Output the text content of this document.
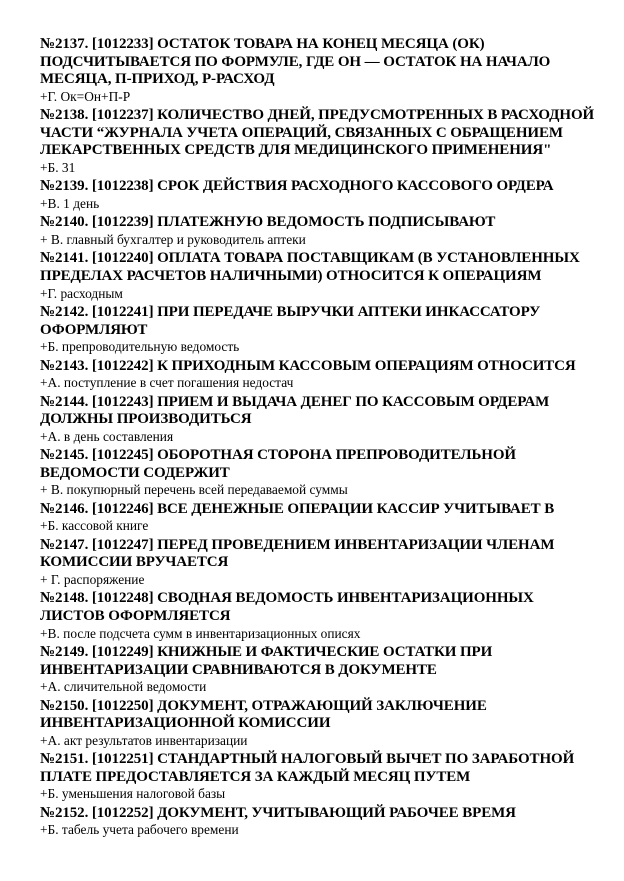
№2137. [1012233] ОСТАТОК ТОВАРА НА КОНЕЦ МЕСЯЦА (ОК) ПОДСЧИТЫВАЕТСЯ ПО ФОРМУЛЕ, ГДЕ ОН — ОСТАТОК НА НАЧАЛО МЕСЯЦА, П-ПРИХОД, Р-РАСХОД

+Г. Ок=Он+П-Р

№2138. [1012237] КОЛИЧЕСТВО ДНЕЙ, ПРЕДУСМОТРЕННЫХ В РАСХОДНОЙ ЧАСТИ “ЖУРНАЛА УЧЕТА ОПЕРАЦИЙ, СВЯЗАННЫХ С ОБРАЩЕНИЕМ ЛЕКАРСТВЕННЫХ СРЕДСТВ ДЛЯ МЕДИЦИНСКОГО ПРИМЕНЕНИЯ"

+Б. 31

№2139. [1012238] СРОК ДЕЙСТВИЯ РАСХОДНОГО КАССОВОГО ОРДЕРА

+В. 1 день

№2140. [1012239] ПЛАТЕЖНУЮ ВЕДОМОСТЬ ПОДПИСЫВАЮТ

+ В. главный бухгалтер и руководитель аптеки

№2141. [1012240] ОПЛАТА ТОВАРА ПОСТАВЩИКАМ (В УСТАНОВЛЕННЫХ ПРЕДЕЛАХ РАСЧЕТОВ НАЛИЧНЫМИ) ОТНОСИТСЯ К ОПЕРАЦИЯМ

+Г. расходным

№2142. [1012241] ПРИ ПЕРЕДАЧЕ ВЫРУЧКИ АПТЕКИ ИНКАССАТОРУ ОФОРМЛЯЮТ

+Б. препроводительную ведомость

№2143. [1012242] К ПРИХОДНЫМ КАССОВЫМ ОПЕРАЦИЯМ ОТНОСИТСЯ

+А. поступление в счет погашения недостач

№2144. [1012243] ПРИЕМ И ВЫДАЧА ДЕНЕГ ПО КАССОВЫМ ОРДЕРАМ ДОЛЖНЫ ПРОИЗВОДИТЬСЯ

+А. в день составления

№2145. [1012245] ОБОРОТНАЯ СТОРОНА ПРЕПРОВОДИТЕЛЬНОЙ ВЕДОМОСТИ СОДЕРЖИТ

+ В. покупюрный перечень всей передаваемой суммы

№2146. [1012246] ВСЕ ДЕНЕЖНЫЕ ОПЕРАЦИИ КАССИР УЧИТЫВАЕТ В

+Б. кассовой книге

№2147. [1012247] ПЕРЕД ПРОВЕДЕНИЕМ ИНВЕНТАРИЗАЦИИ ЧЛЕНАМ КОМИССИИ ВРУЧАЕТСЯ

+ Г. распоряжение

№2148. [1012248] СВОДНАЯ ВЕДОМОСТЬ ИНВЕНТАРИЗАЦИОННЫХ ЛИСТОВ ОФОРМЛЯЕТСЯ

+В. после подсчета сумм в инвентаризационных описях

№2149. [1012249] КНИЖНЫЕ И ФАКТИЧЕСКИЕ ОСТАТКИ ПРИ ИНВЕНТАРИЗАЦИИ СРАВНИВАЮТСЯ В ДОКУМЕНТЕ

+А. сличительной ведомости

№2150. [1012250] ДОКУМЕНТ, ОТРАЖАЮЩИЙ ЗАКЛЮЧЕНИЕ ИНВЕНТАРИЗАЦИОННОЙ КОМИССИИ

+А. акт результатов инвентаризации

№2151. [1012251] СТАНДАРТНЫЙ НАЛОГОВЫЙ ВЫЧЕТ ПО ЗАРАБОТНОЙ ПЛАТЕ ПРЕДОСТАВЛЯЕТСЯ ЗА КАЖДЫЙ МЕСЯЦ ПУТЕМ

+Б. уменьшения налоговой базы

№2152. [1012252] ДОКУМЕНТ, УЧИТЫВАЮЩИЙ РАБОЧЕЕ ВРЕМЯ

+Б. табель учета рабочего времени
